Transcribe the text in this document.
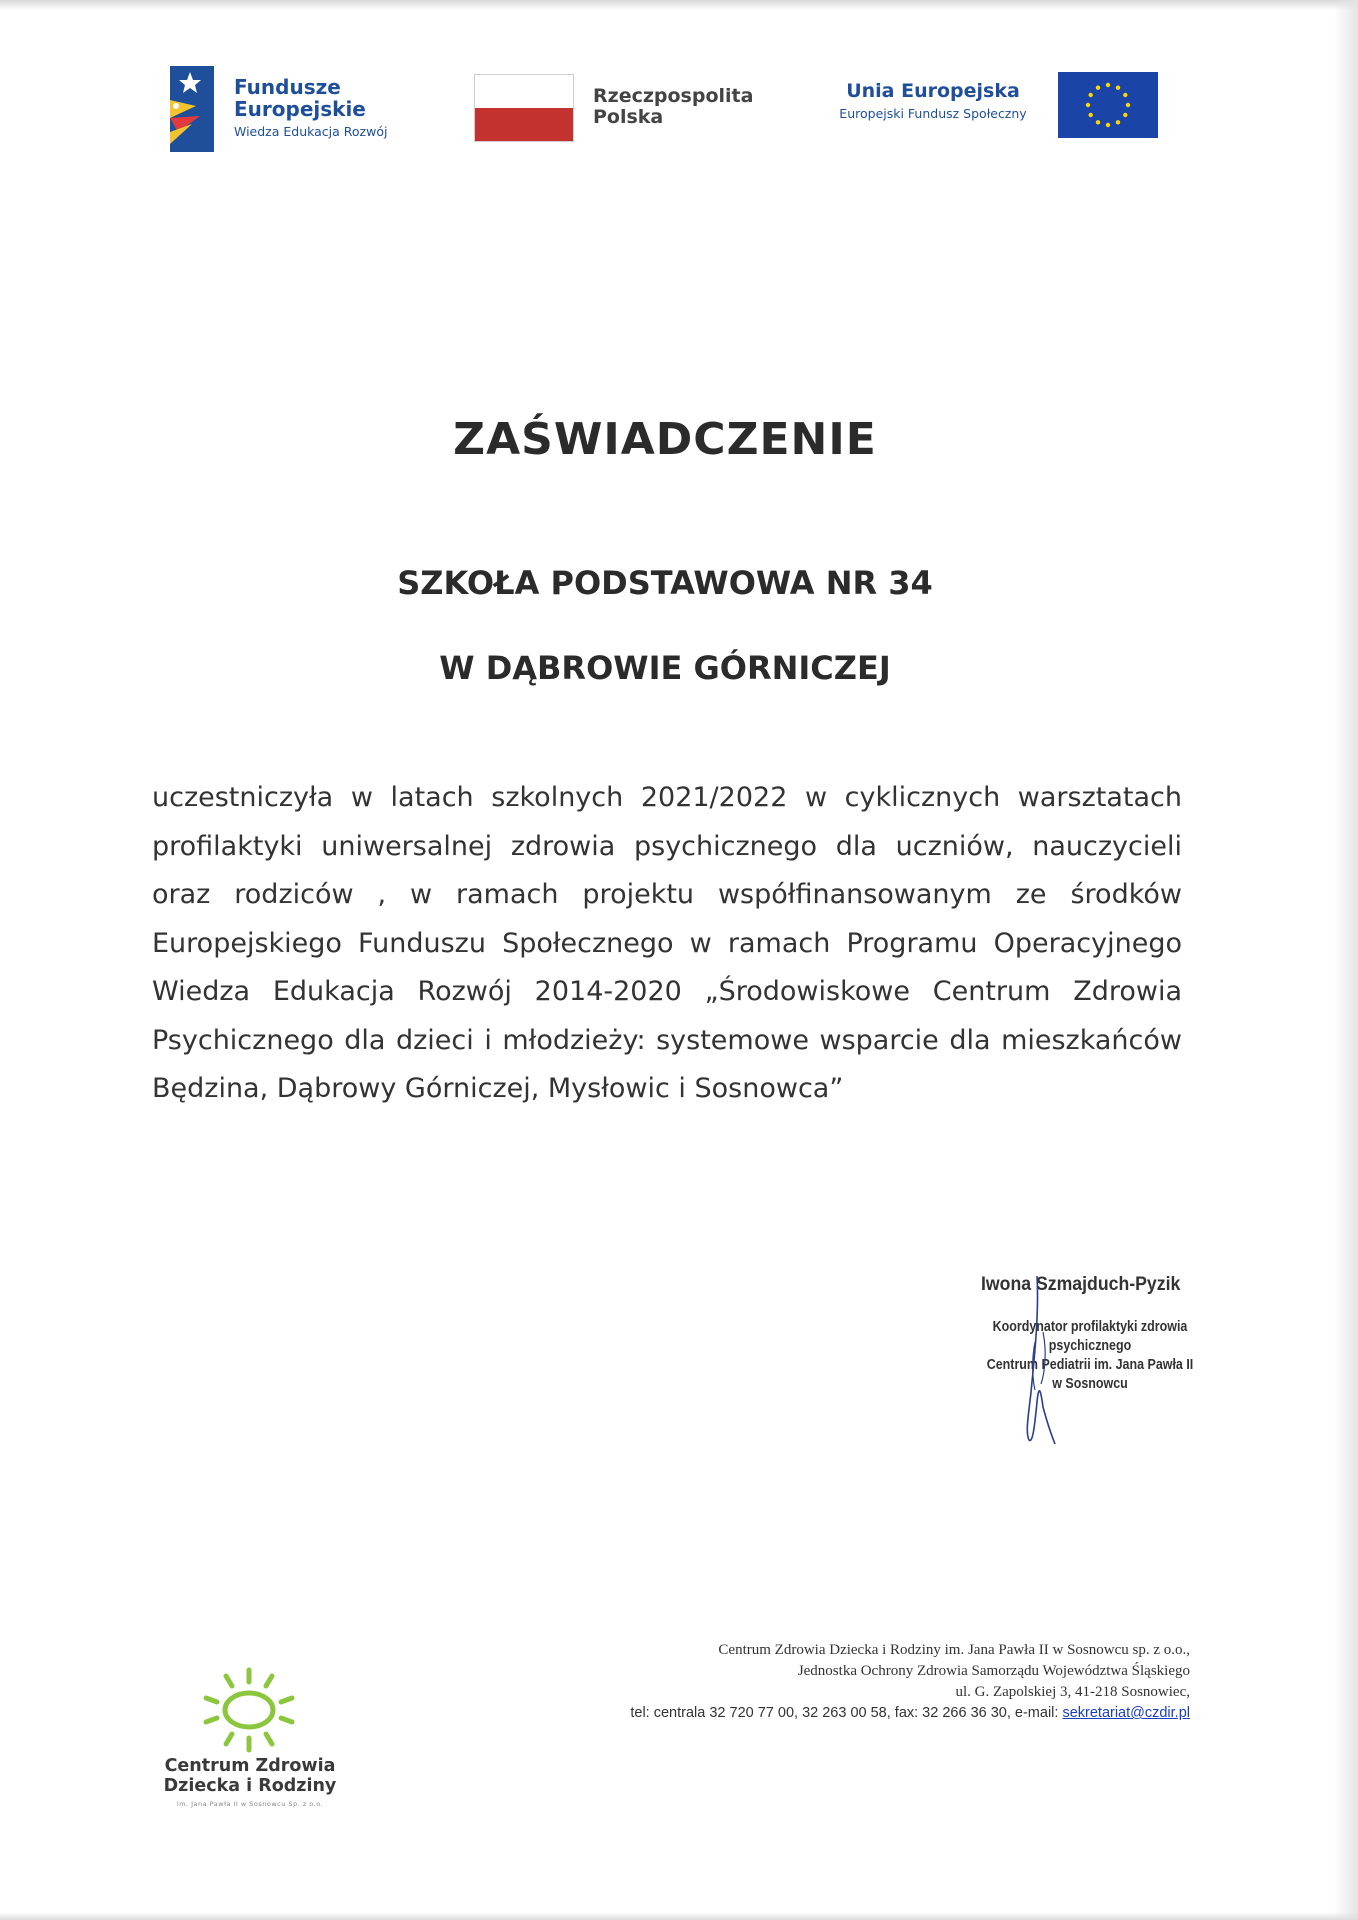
Fundusze
Europejskie
Wiedza Edukacja Rozwój
Rzeczpospolita
Polska
Unia Europejska
Europejski Fundusz Społeczny
ZAŚWIADCZENIE
SZKOŁA PODSTAWOWA NR 34
W DĄBROWIE GÓRNICZEJ

uczestniczyła w latach szkolnych 2021/2022 w cyklicznych warsztatach profilaktyki uniwersalnej zdrowia psychicznego dla uczniów, nauczycieli oraz rodziców , w ramach projektu współfinansowanym ze środków Europejskiego Funduszu Społecznego w ramach Programu Operacyjnego Wiedza Edukacja Rozwój 2014-2020 „Środowiskowe Centrum Zdrowia Psychicznego dla dzieci i młodzieży: systemowe wsparcie dla mieszkańców Będzina, Dąbrowy Górniczej, Mysłowic i Sosnowca”

Iwona Szmajduch-Pyzik
Koordynator profilaktyki zdrowia psychicznego
Centrum Pediatrii im. Jana Pawła II
w Sosnowcu
Centrum Zdrowia
Dziecka i Rodziny
im. Jana Pawła II w Sosnowcu Sp. z o.o.
Centrum Zdrowia Dziecka i Rodziny im. Jana Pawła II w Sosnowcu sp. z o.o.,
Jednostka Ochrony Zdrowia Samorządu Województwa Śląskiego
ul. G. Zapolskiej 3, 41-218 Sosnowiec,
tel: centrala 32 720 77 00, 32 263 00 58, fax: 32 266 36 30, e-mail: sekretariat@czdir.pl
